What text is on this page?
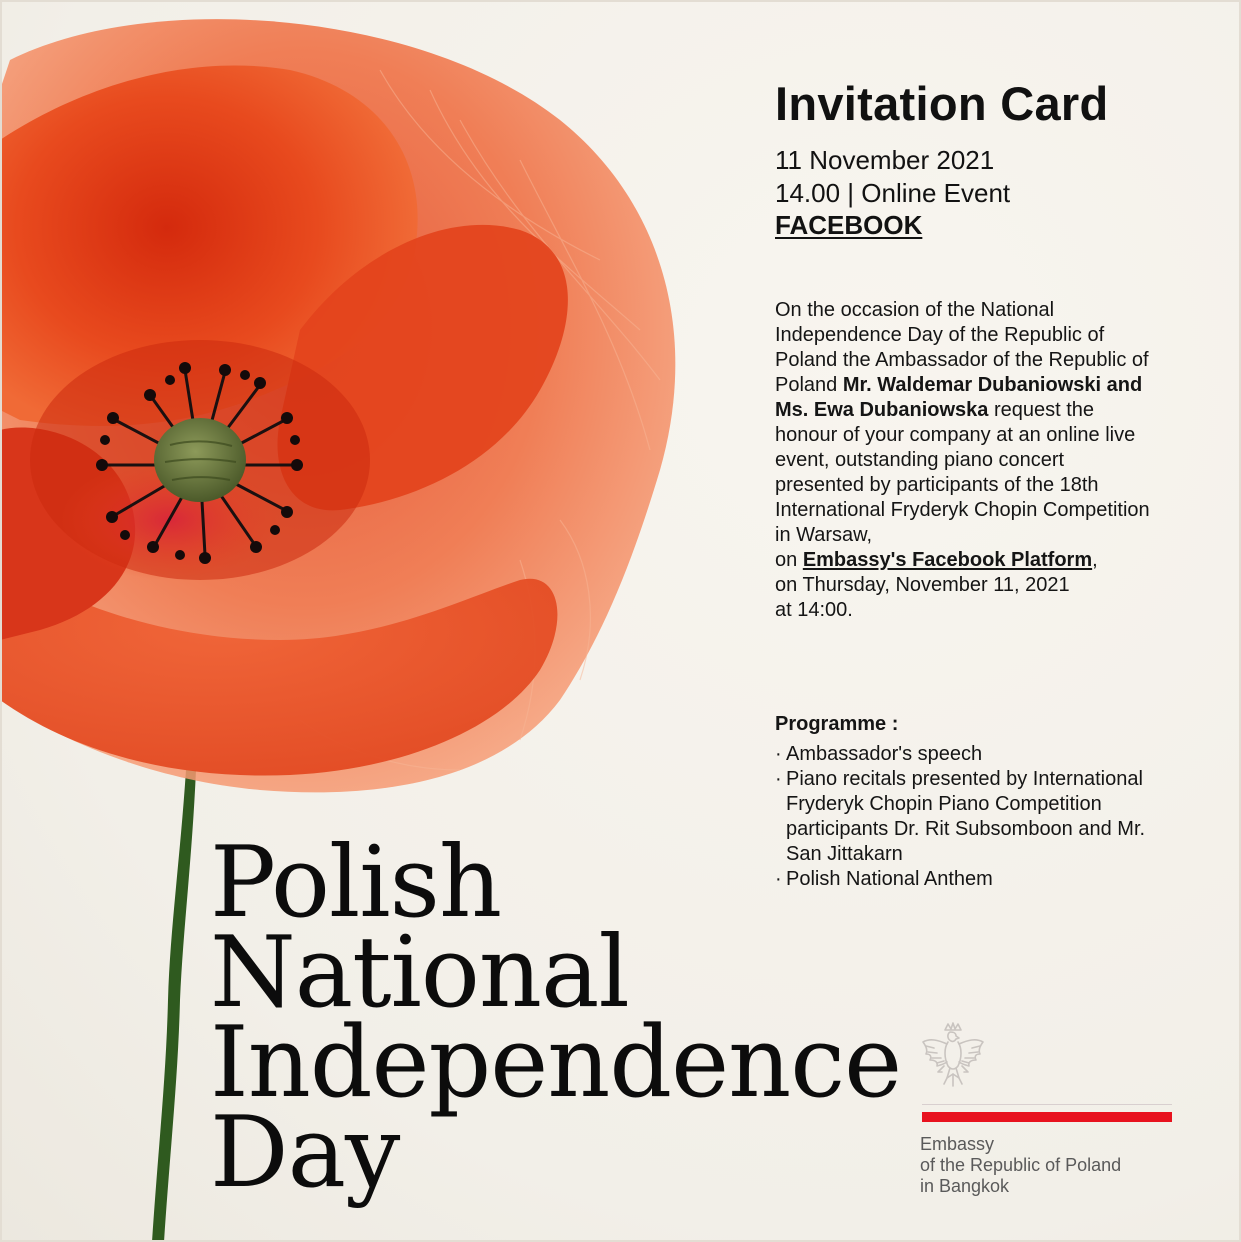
Invitation Card

11 November 2021

14.00 | Online Event

FACEBOOK

On the occasion of the National Independence Day of the Republic of Poland the Ambassador of the Republic of Poland Mr. Waldemar Dubaniowski and Ms. Ewa Dubaniowska request the honour of your company at an online live event, outstanding piano concert presented by participants of the 18th International Fryderyk Chopin Competition in Warsaw,

on Embassy's Facebook Platform,

on Thursday, November 11, 2021

at 14:00.

Programme :

· Ambassador's speech
· Piano recitals presented by International Fryderyk Chopin Piano Competition participants Dr. Rit Subsomboon and Mr. San Jittakarn
· Polish National Anthem
Polish
National
Independence
Day	Embassy
of the Republic of Poland
in Bangkok
